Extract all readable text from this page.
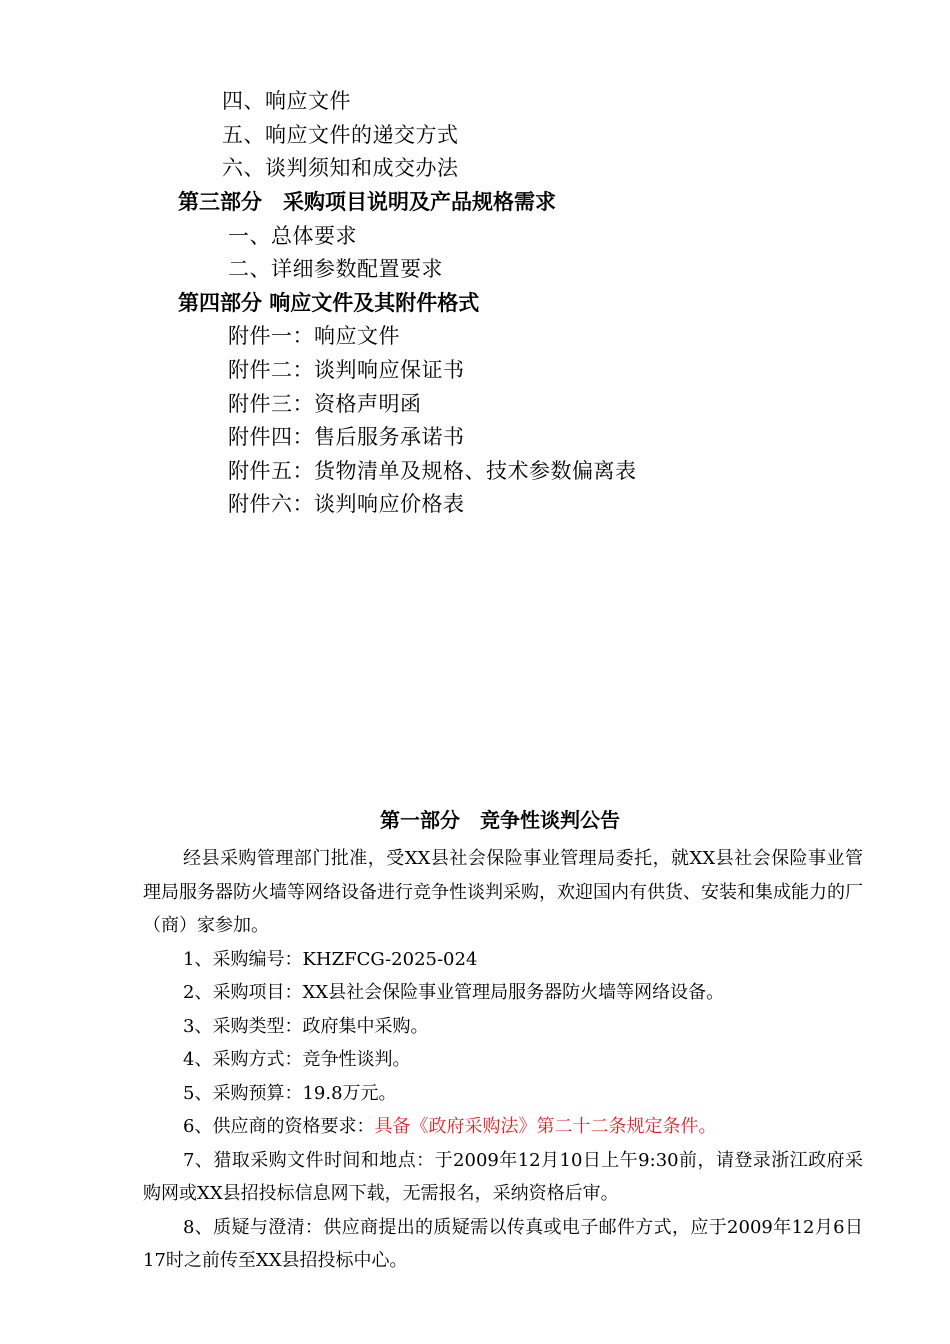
四、响应文件
五、响应文件的递交方式
六、谈判须知和成交办法
第三部分　采购项目说明及产品规格需求
一、总体要求
二、详细参数配置要求
第四部分 响应文件及其附件格式
附件一：响应文件
附件二：谈判响应保证书
附件三：资格声明函
附件四：售后服务承诺书
附件五：货物清单及规格、技术参数偏离表
附件六：谈判响应价格表
第一部分　竞争性谈判公告

经县采购管理部门批准，受XX县社会保险事业管理局委托，就XX县社会保险事业管理局服务器防火墙等网络设备进行竞争性谈判采购，欢迎国内有供货、安装和集成能力的厂（商）家参加。

1、采购编号：KHZFCG-2025-024

2、采购项目：XX县社会保险事业管理局服务器防火墙等网络设备。

3、采购类型：政府集中采购。

4、采购方式：竞争性谈判。

5、采购预算：19.8万元。

6、供应商的资格要求：具备《政府采购法》第二十二条规定条件。

7、猎取采购文件时间和地点：于2009年12月10日上午9:30前，请登录浙江政府采购网或XX县招投标信息网下载，无需报名，采纳资格后审。

8、质疑与澄清：供应商提出的质疑需以传真或电子邮件方式，应于2009年12月6日17时之前传至XX县招投标中心。
